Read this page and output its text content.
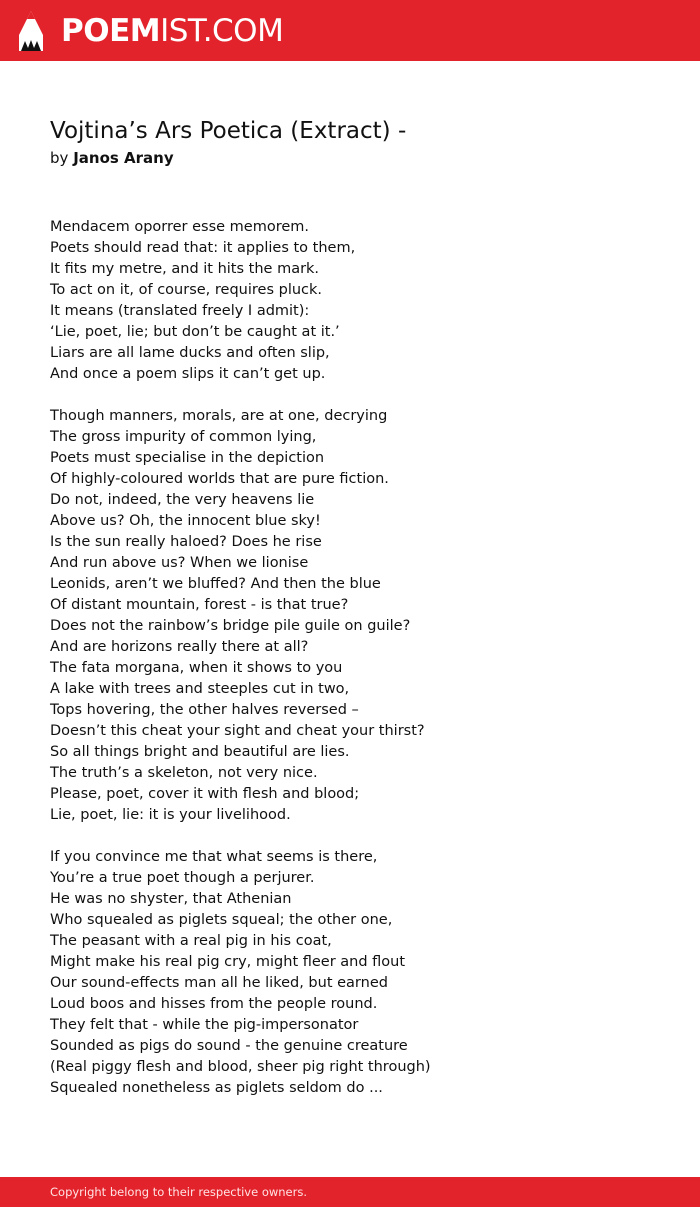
POEMIST.COM
Vojtina’s Ars Poetica (Extract) -

by Janos Arany

Mendacem oporrer esse memorem.
Poets should read that: it applies to them,
It fits my metre, and it hits the mark.
To act on it, of course, requires pluck.
It means (translated freely I admit):
‘Lie, poet, lie; but don’t be caught at it.’
Liars are all lame ducks and often slip,
And once a poem slips it can’t get up.
Though manners, morals, are at one, decrying
The gross impurity of common lying,
Poets must specialise in the depiction
Of highly-coloured worlds that are pure fiction.
Do not, indeed, the very heavens lie
Above us? Oh, the innocent blue sky!
Is the sun really haloed? Does he rise
And run above us? When we lionise
Leonids, aren’t we bluffed? And then the blue
Of distant mountain, forest - is that true?
Does not the rainbow’s bridge pile guile on guile?
And are horizons really there at all?
The fata morgana, when it shows to you
A lake with trees and steeples cut in two,
Tops hovering, the other halves reversed –
Doesn’t this cheat your sight and cheat your thirst?
So all things bright and beautiful are lies.
The truth’s a skeleton, not very nice.
Please, poet, cover it with flesh and blood;
Lie, poet, lie: it is your livelihood.
If you convince me that what seems is there,
You’re a true poet though a perjurer.
He was no shyster, that Athenian
Who squealed as piglets squeal; the other one,
The peasant with a real pig in his coat,
Might make his real pig cry, might fleer and flout
Our sound-effects man all he liked, but earned
Loud boos and hisses from the people round.
They felt that - while the pig-impersonator
Sounded as pigs do sound - the genuine creature
(Real piggy flesh and blood, sheer pig right through)
Squealed nonetheless as piglets seldom do ...
Copyright belong to their respective owners.
